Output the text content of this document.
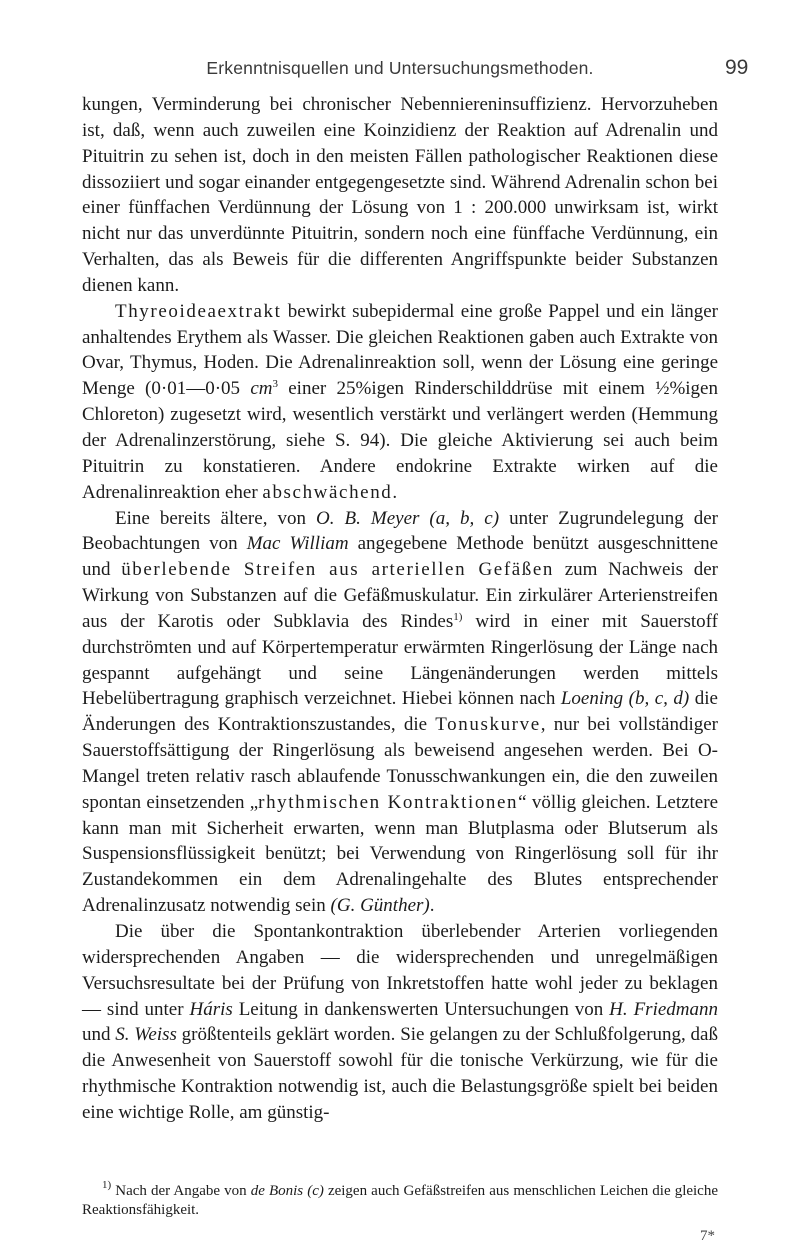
Erkenntnisquellen und Untersuchungsmethoden.	99

kungen, Verminderung bei chronischer Nebenniereninsuffizienz. Hervorzuheben ist, daß, wenn auch zuweilen eine Koinzidienz der Reaktion auf Adrenalin und Pituitrin zu sehen ist, doch in den meisten Fällen pathologischer Reaktionen diese dissoziiert und sogar einander entgegengesetzte sind. Während Adrenalin schon bei einer fünffachen Verdünnung der Lösung von 1 : 200.000 unwirksam ist, wirkt nicht nur das unverdünnte Pituitrin, sondern noch eine fünffache Verdünnung, ein Verhalten, das als Beweis für die differenten Angriffspunkte beider Substanzen dienen kann.

Thyreoideaextrakt bewirkt subepidermal eine große Pappel und ein länger anhaltendes Erythem als Wasser. Die gleichen Reaktionen gaben auch Extrakte von Ovar, Thymus, Hoden. Die Adrenalinreaktion soll, wenn der Lösung eine geringe Menge (0·01—0·05 $cm^3$ einer 25%igen Rinderschilddrüse mit einem ½%igen Chloreton) zugesetzt wird, wesentlich verstärkt und verlängert werden (Hemmung der Adrenalinzerstörung, siehe S. 94). Die gleiche Aktivierung sei auch beim Pituitrin zu konstatieren. Andere endokrine Extrakte wirken auf die Adrenalinreaktion eher abschwächend.

Eine bereits ältere, von O. B. Meyer (a, b, c) unter Zugrundelegung der Beobachtungen von Mac William angegebene Methode benützt ausgeschnittene und überlebende Streifen aus arteriellen Gefäßen zum Nachweis der Wirkung von Substanzen auf die Gefäßmuskulatur. Ein zirkulärer Arterienstreifen aus der Karotis oder Subklavia des Rindes$^{1)}$ wird in einer mit Sauerstoff durchströmten und auf Körpertemperatur erwärmten Ringerlösung der Länge nach gespannt aufgehängt und seine Längenänderungen werden mittels Hebelübertragung graphisch verzeichnet. Hiebei können nach Loening (b, c, d) die Änderungen des Kontraktionszustandes, die Tonuskurve, nur bei vollständiger Sauerstoffsättigung der Ringerlösung als beweisend angesehen werden. Bei O-Mangel treten relativ rasch ablaufende Tonusschwankungen ein, die den zuweilen spontan einsetzenden „rhythmischen Kontraktionen“ völlig gleichen. Letztere kann man mit Sicherheit erwarten, wenn man Blutplasma oder Blutserum als Suspensionsflüssigkeit benützt; bei Verwendung von Ringerlösung soll für ihr Zustandekommen ein dem Adrenalingehalte des Blutes entsprechender Adrenalinzusatz notwendig sein (G. Günther).

Die über die Spontankontraktion überlebender Arterien vorliegenden widersprechenden Angaben — die widersprechenden und unregelmäßigen Versuchsresultate bei der Prüfung von Inkretstoffen hatte wohl jeder zu beklagen — sind unter Háris Leitung in dankenswerten Untersuchungen von H. Friedmann und S. Weiss größtenteils geklärt worden. Sie gelangen zu der Schlußfolgerung, daß die Anwesenheit von Sauerstoff sowohl für die tonische Verkürzung, wie für die rhythmische Kontraktion notwendig ist, auch die Belastungsgröße spielt bei beiden eine wichtige Rolle, am günstig-

$^{1)}$ Nach der Angabe von de Bonis (c) zeigen auch Gefäßstreifen aus menschlichen Leichen die gleiche Reaktionsfähigkeit.
7*
